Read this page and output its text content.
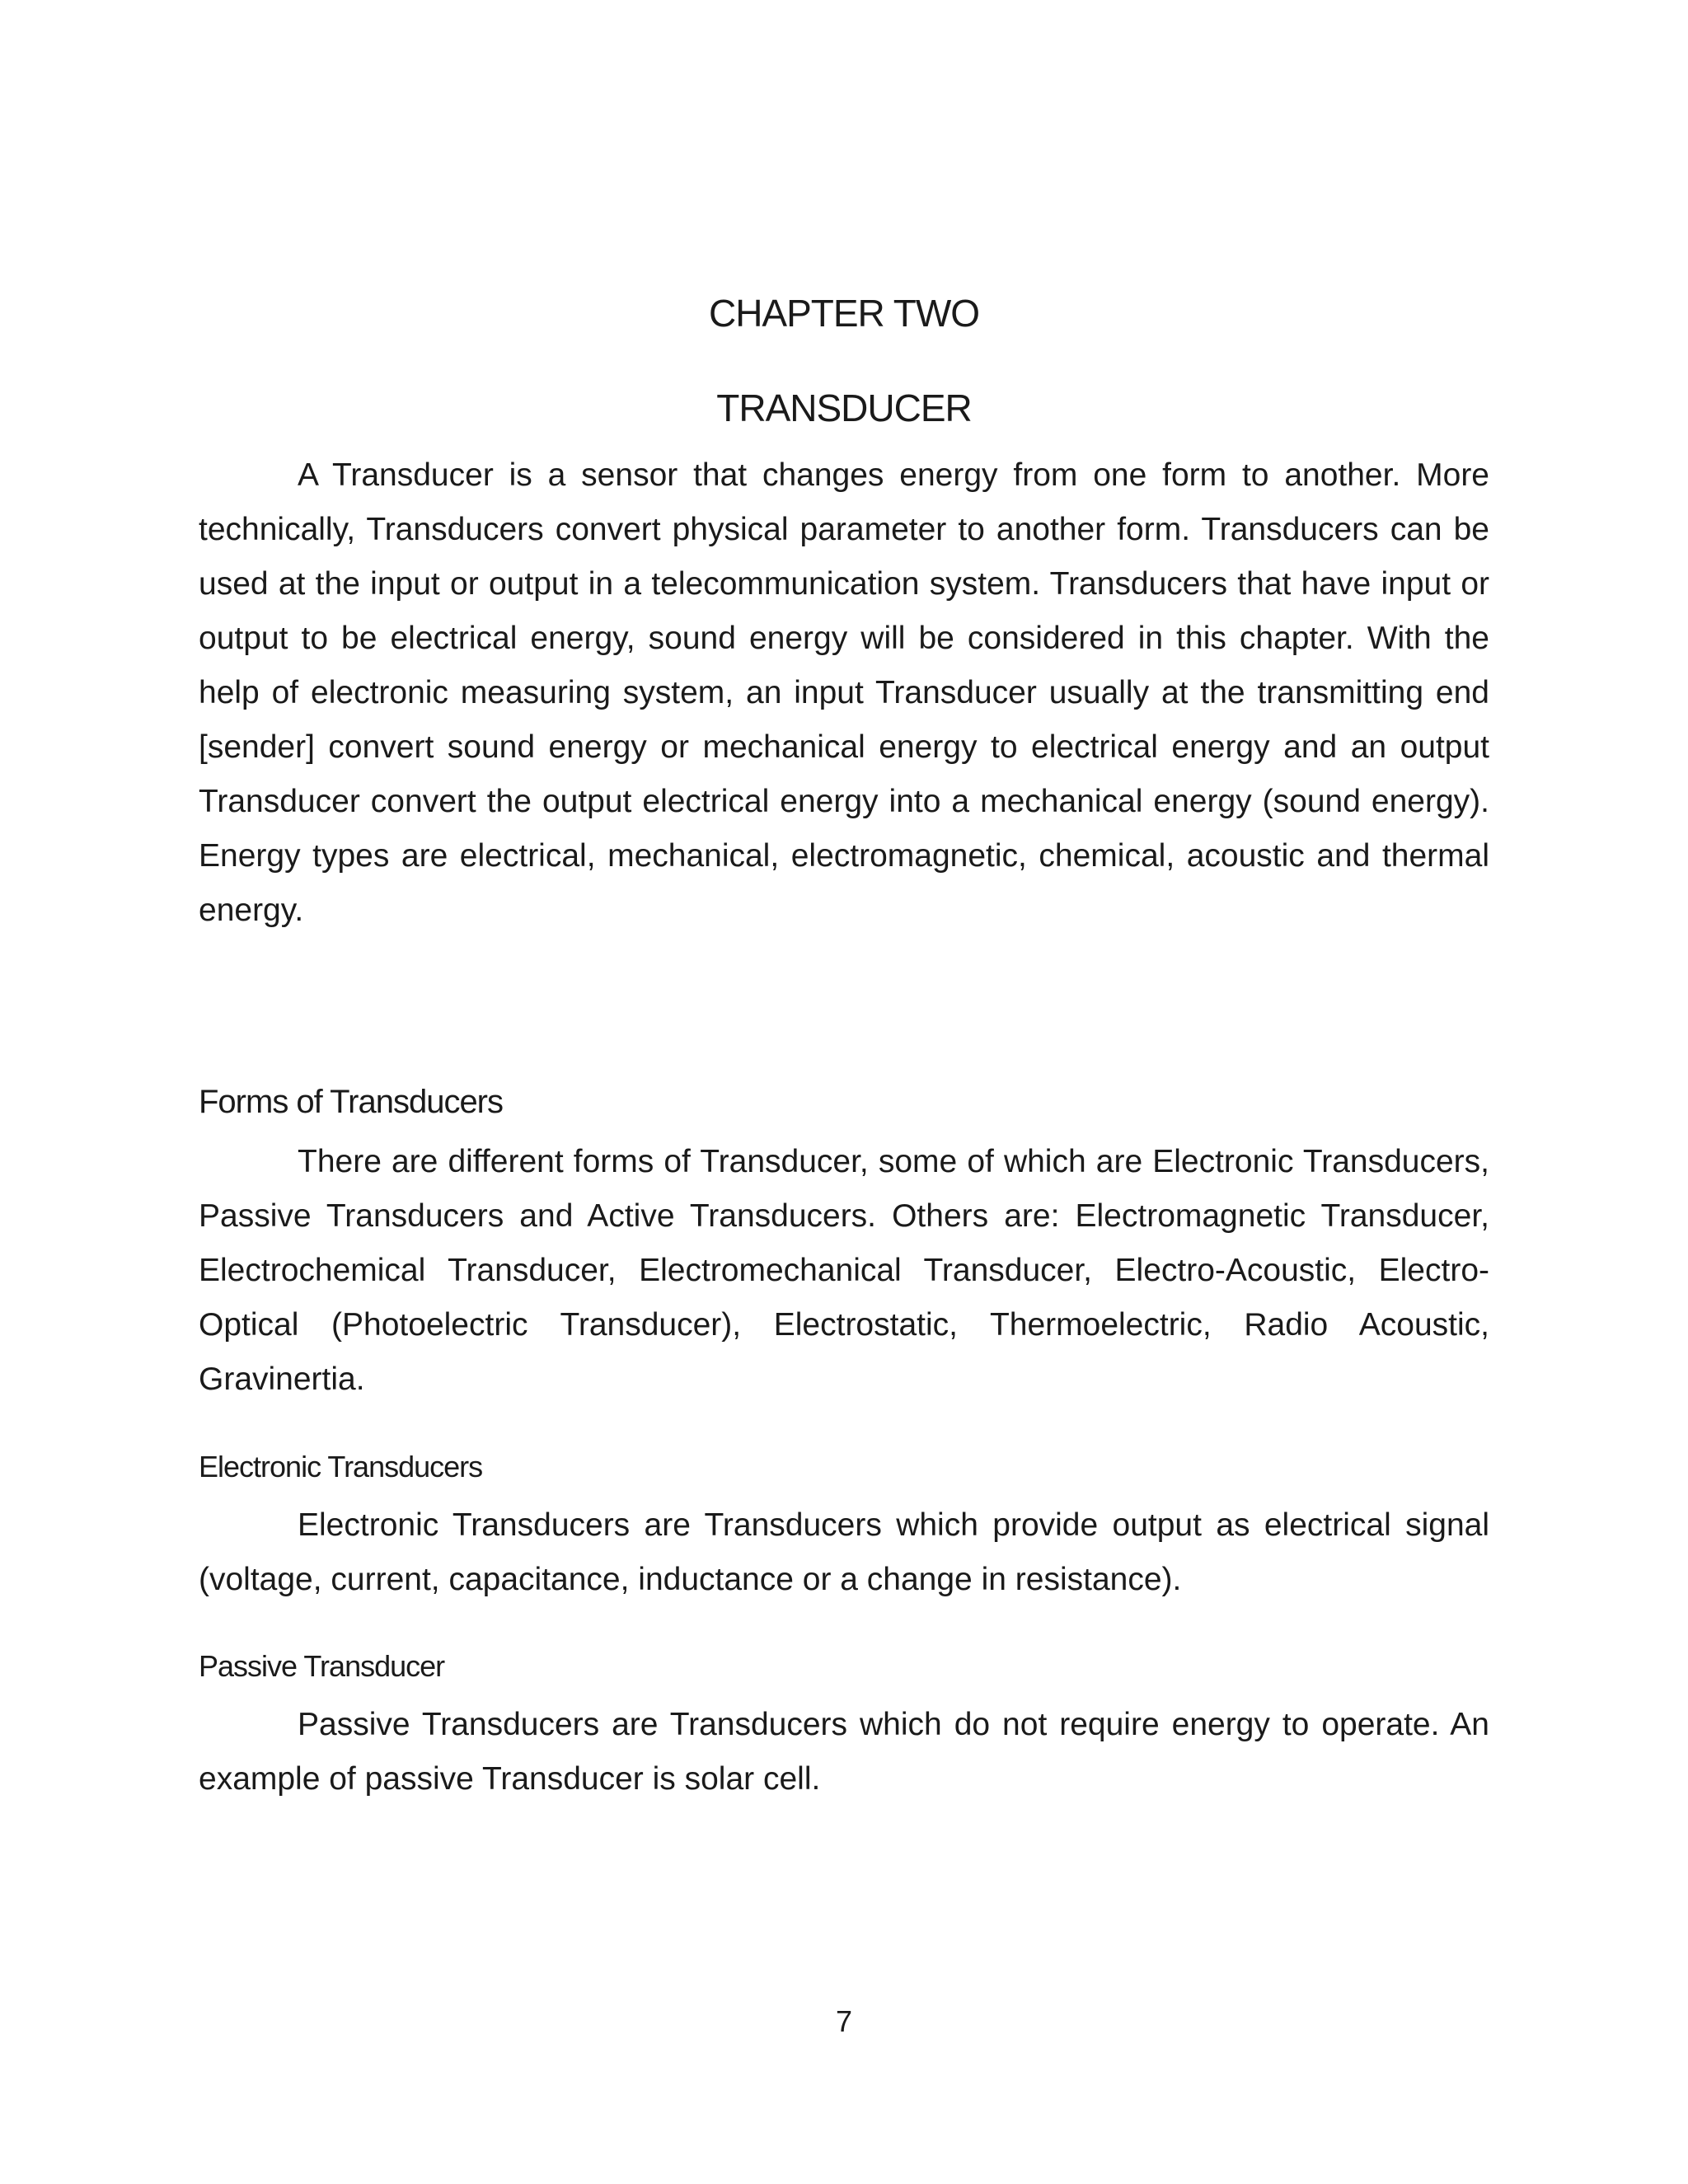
CHAPTER TWO
TRANSDUCER

A Transducer is a sensor that changes energy from one form to another. More technically, Transducers convert physical parameter to another form. Transducers can be used at the input or output in a telecommunication system. Transducers that have input or output to be electrical energy, sound energy will be considered in this chapter. With the help of electronic measuring system, an input Transducer usually at the transmitting end [sender] convert sound energy or mechanical energy to electrical energy and an output Transducer convert the output electrical energy into a mechanical energy (sound energy). Energy types are electrical, mechanical, electromagnetic, chemical, acoustic and thermal energy.

Forms of Transducers

There are different forms of Transducer, some of which are Electronic Transducers, Passive Transducers and Active Transducers. Others are: Electromagnetic Transducer, Electrochemical Transducer, Electromechanical Transducer, Electro-Acoustic, Electro-Optical (Photoelectric Transducer), Electrostatic, Thermoelectric, Radio Acoustic, Gravinertia.

Electronic Transducers

Electronic Transducers are Transducers which provide output as electrical signal (voltage, current, capacitance, inductance or a change in resistance).

Passive Transducer

Passive Transducers are Transducers which do not require energy to operate. An example of passive Transducer is solar cell.

7
